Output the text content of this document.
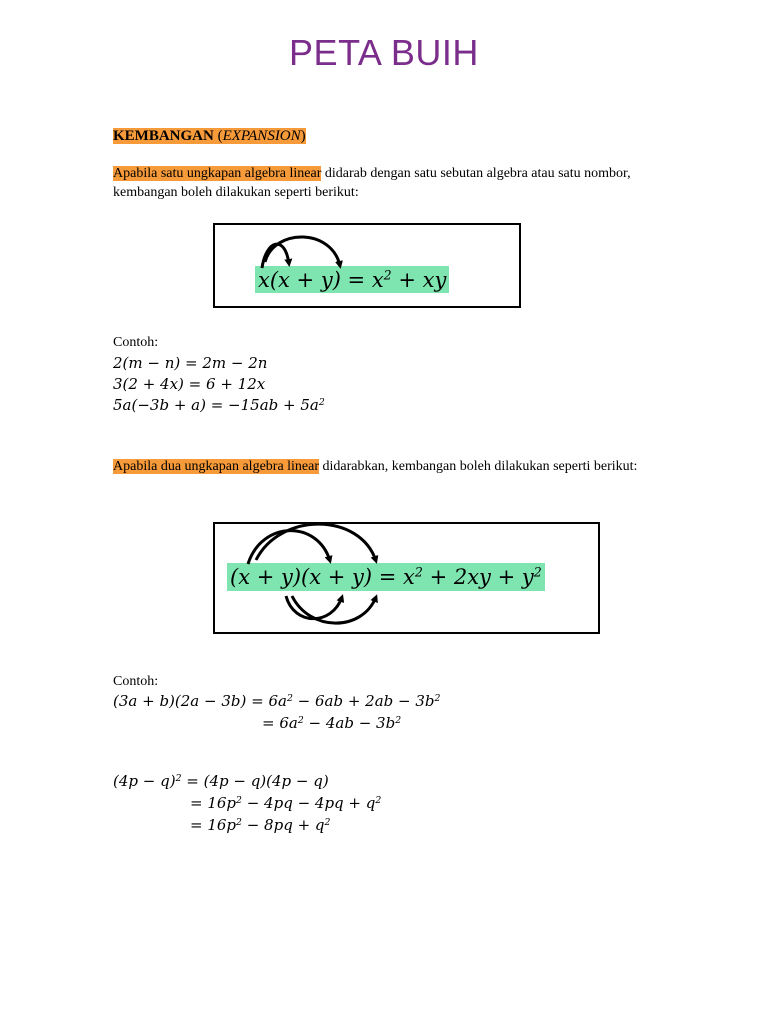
PETA BUIH
KEMBANGAN (EXPANSION)
Apabila satu ungkapan algebra linear didarab dengan satu sebutan algebra atau satu nombor, kembangan boleh dilakukan seperti berikut:
$x(x + y) = x^2$ + xy
Contoh:
2(m − n) = 2m − 2n
3(2 + 4x) = 6 + 12x
$5a(-3b + a) = -15ab + 5a^2$
Apabila dua ungkapan algebra linear didarabkan, kembangan boleh dilakukan seperti berikut:
$(x + y)(x + y) = x^2 + 2xy + y^2$
Contoh:
$(3a + b)(2a - 3b) = 6a^2 - 6ab + 2ab - 3b^2$
= $6a^2 - 4ab - 3b^2$
$(4p - q)^2 = (4p - q)(4p - q)$
= $16p^2 - 4pq - 4pq + q^2$
= $16p^2 - 8pq + q^2$
